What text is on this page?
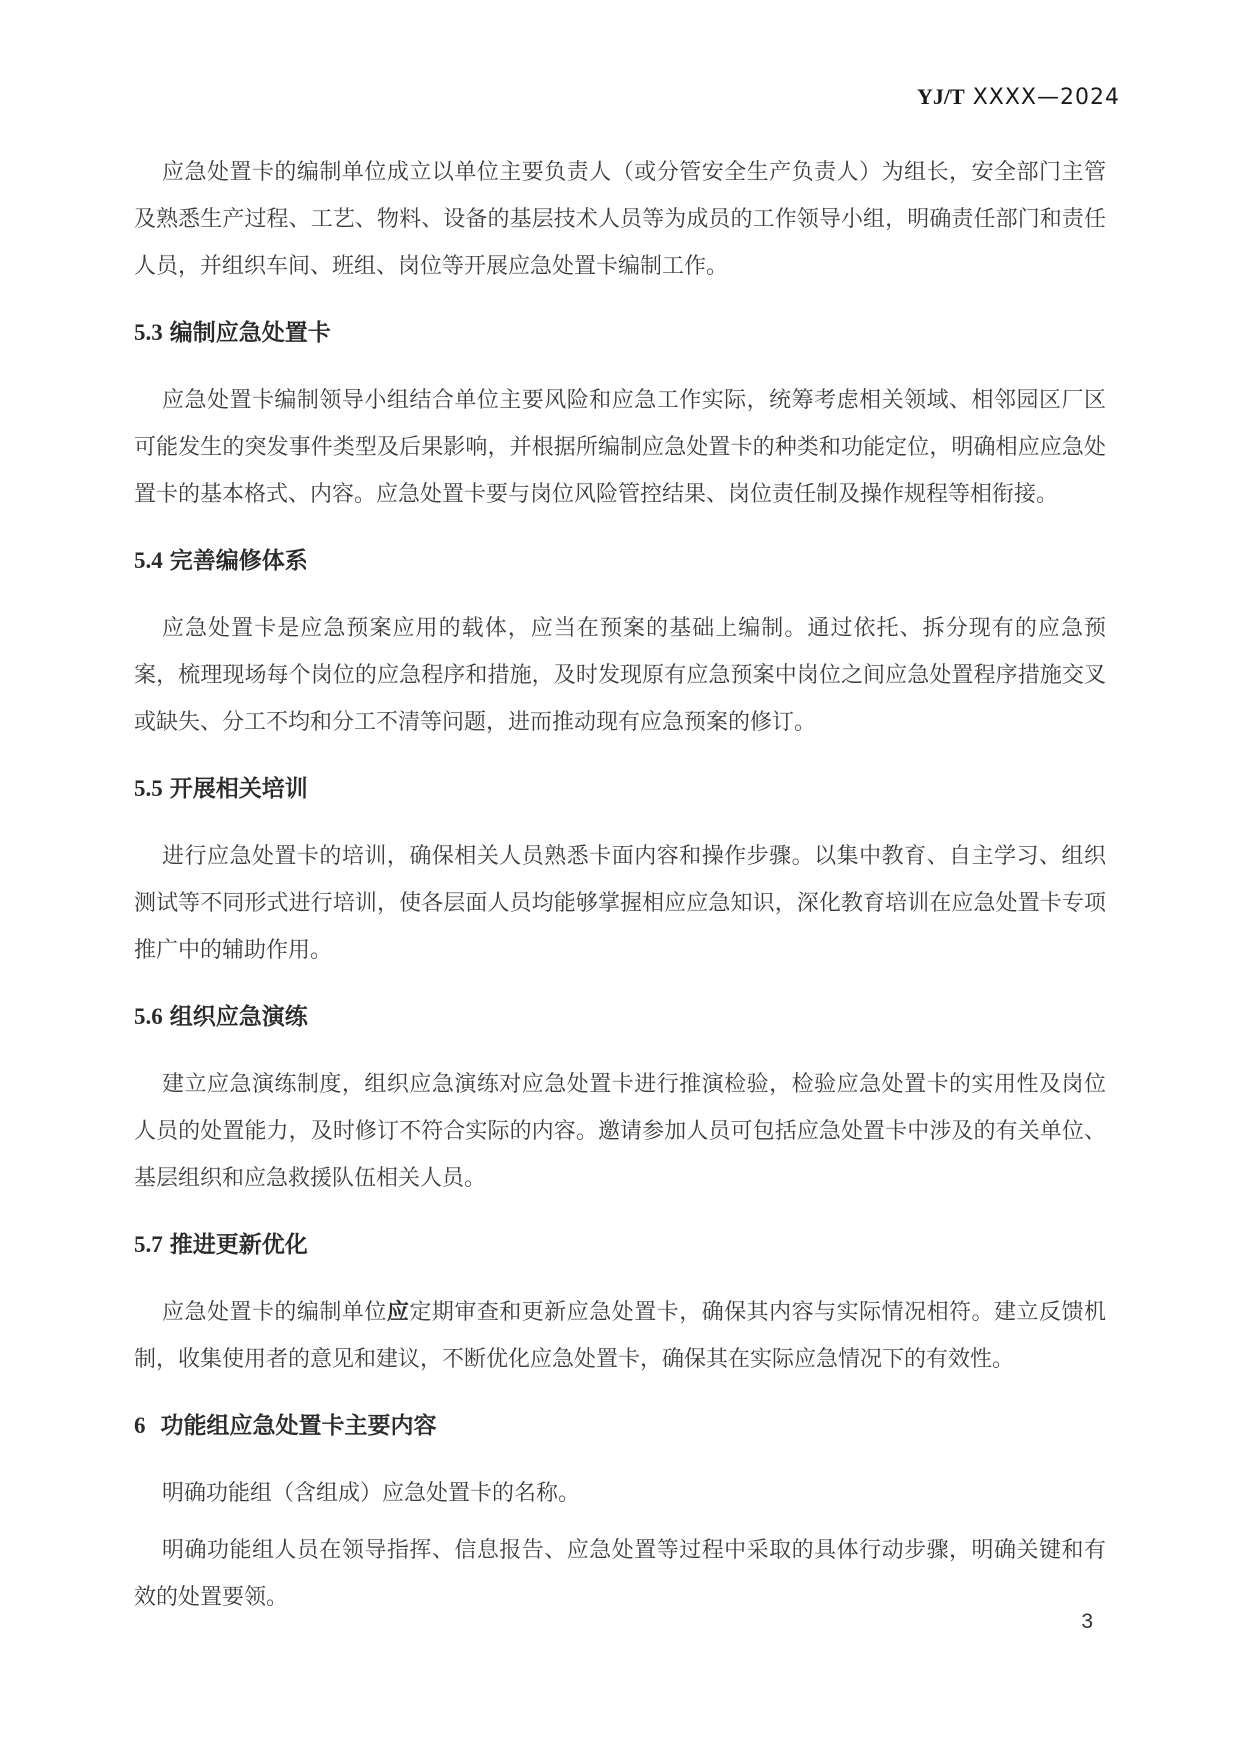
YJ/T XXXX—2024

应急处置卡的编制单位成立以单位主要负责人（或分管安全生产负责人）为组长，安全部门主管及熟悉生产过程、工艺、物料、设备的基层技术人员等为成员的工作领导小组，明确责任部门和责任人员，并组织车间、班组、岗位等开展应急处置卡编制工作。

5.3 编制应急处置卡

应急处置卡编制领导小组结合单位主要风险和应急工作实际，统筹考虑相关领域、相邻园区厂区可能发生的突发事件类型及后果影响，并根据所编制应急处置卡的种类和功能定位，明确相应应急处置卡的基本格式、内容。应急处置卡要与岗位风险管控结果、岗位责任制及操作规程等相衔接。

5.4 完善编修体系

应急处置卡是应急预案应用的载体，应当在预案的基础上编制。通过依托、拆分现有的应急预案，梳理现场每个岗位的应急程序和措施，及时发现原有应急预案中岗位之间应急处置程序措施交叉或缺失、分工不均和分工不清等问题，进而推动现有应急预案的修订。

5.5 开展相关培训

进行应急处置卡的培训，确保相关人员熟悉卡面内容和操作步骤。以集中教育、自主学习、组织测试等不同形式进行培训，使各层面人员均能够掌握相应应急知识，深化教育培训在应急处置卡专项推广中的辅助作用。

5.6 组织应急演练

建立应急演练制度，组织应急演练对应急处置卡进行推演检验，检验应急处置卡的实用性及岗位人员的处置能力，及时修订不符合实际的内容。邀请参加人员可包括应急处置卡中涉及的有关单位、基层组织和应急救援队伍相关人员。

5.7 推进更新优化

应急处置卡的编制单位应定期审查和更新应急处置卡，确保其内容与实际情况相符。建立反馈机制，收集使用者的意见和建议，不断优化应急处置卡，确保其在实际应急情况下的有效性。

6 功能组应急处置卡主要内容

明确功能组（含组成）应急处置卡的名称。

明确功能组人员在领导指挥、信息报告、应急处置等过程中采取的具体行动步骤，明确关键和有效的处置要领。

3
